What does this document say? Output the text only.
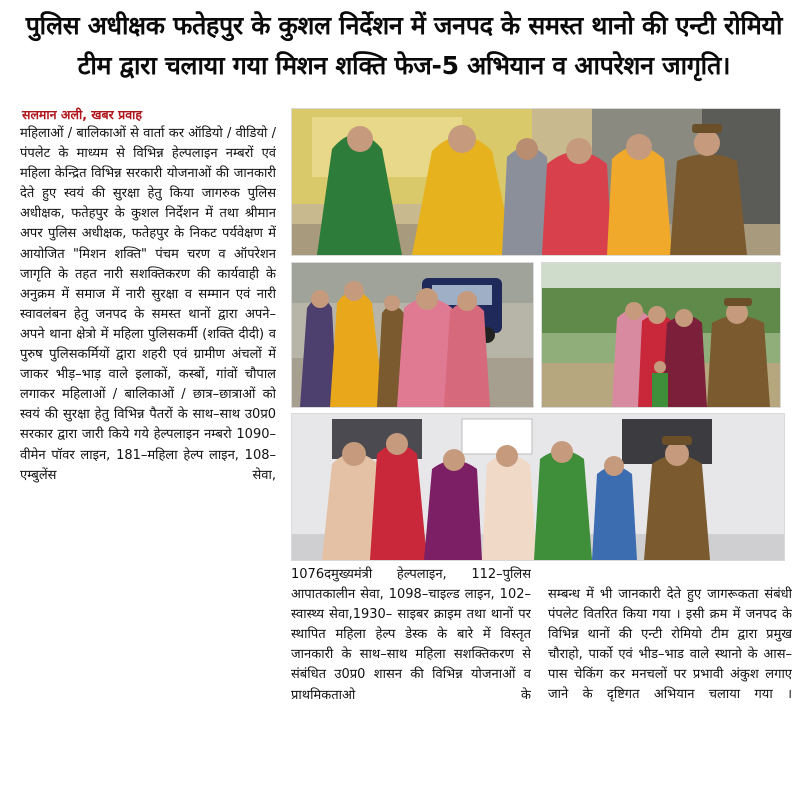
पुलिस अधीक्षक फतेहपुर के कुशल निर्देशन में जनपद के समस्त थानो की एन्टी रोमियो
टीम द्वारा चलाया गया मिशन शक्ति फेज-5 अभियान व आपरेशन जागृति।
सलमान अली, खबर प्रवाह
महिलाओं / बालिकाओं से वार्ता कर ऑडियो / वीडियो / पंपलेट के माध्यम से विभिन्न हेल्पलाइन नम्बरों एवं महिला केन्द्रित विभिन्न सरकारी योजनाओं की जानकारी देते हुए स्वयं की सुरक्षा हेतु किया जागरुक पुलिस अधीक्षक, फतेहपुर के कुशल निर्देशन में तथा श्रीमान अपर पुलिस अधीक्षक, फतेहपुर के निकट पर्यवेक्षण में आयोजित "मिशन शक्ति" पंचम चरण व ऑपरेशन जागृति के तहत नारी सशक्तिकरण की कार्यवाही के अनुक्रम में समाज में नारी सुरक्षा व सम्मान एवं नारी स्वावलंबन हेतु जनपद के समस्त थानों द्वारा अपने–अपने थाना क्षेत्रो में महिला पुलिसकर्मी (शक्ति दीदी) व पुरुष पुलिसकर्मियों द्वारा शहरी एवं ग्रामीण अंचलों में जाकर भीड़–भाड़ वाले इलाकों, कस्बों, गांवों चौपाल लगाकर महिलाओं / बालिकाओं / छात्र–छात्राओं को स्वयं की सुरक्षा हेतु विभिन्न पैतरों के साथ–साथ उ0प्र0 सरकार द्वारा जारी किये गये हेल्पलाइन नम्बरो 1090–वीमेन पॉवर लाइन, 181–महिला हेल्प लाइन, 108–एम्बुलेंस सेवा,
1076दमुख्यमंत्री हेल्पलाइन, 112–पुलिस आपातकालीन सेवा, 1098–चाइल्ड लाइन, 102–स्वास्थ्य सेवा,1930– साइबर क्राइम तथा थानों पर स्थापित महिला हेल्प डेस्क के बारे में विस्तृत जानकारी के साथ–साथ महिला सशक्तिकरण से संबंधित उ0प्र0 शासन की विभिन्न योजनाओं व प्राथमिकताओ के
सम्बन्ध में भी जानकारी देते हुए जागरूकता संबंधी पंपलेट वितरित किया गया । इसी क्रम में जनपद के विभिन्न थानों की एन्टी रोमियो टीम द्वारा प्रमुख चौराहो, पार्को एवं भीड–भाड वाले स्थानो के आस–पास चेकिंग कर मनचलों पर प्रभावी अंकुश लगाए जाने के दृष्टिगत अभियान चलाया गया ।
